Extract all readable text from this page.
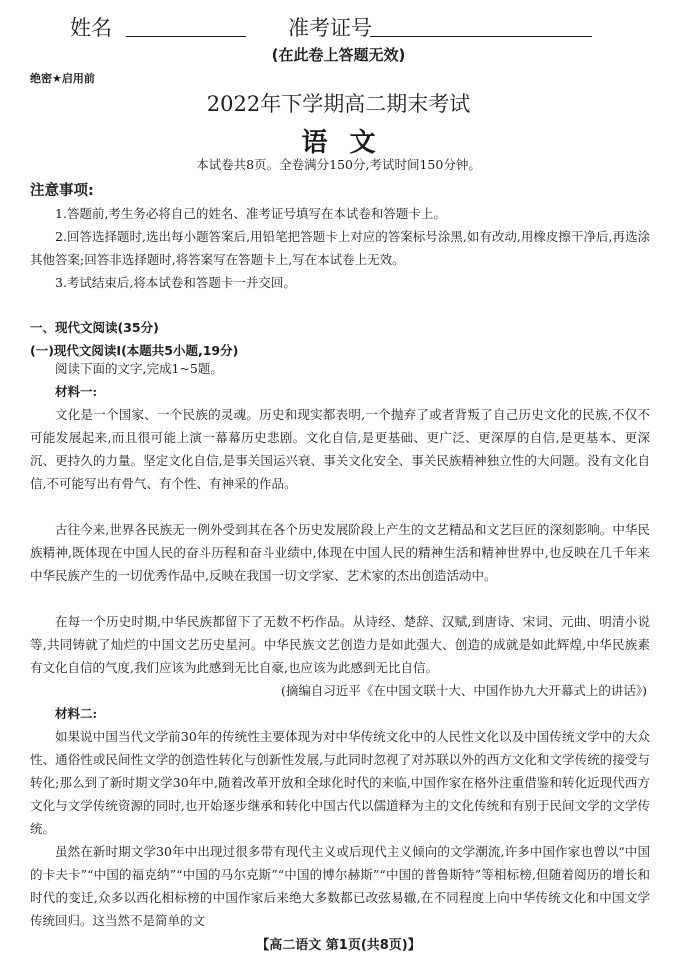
姓名	准考证号
(在此卷上答题无效)
绝密★启用前
2022年下学期高二期末考试
语文
本试卷共8页。全卷满分150分,考试时间150分钟。
注意事项:
1.答题前,考生务必将自己的姓名、准考证号填写在本试卷和答题卡上。
2.回答选择题时,选出每小题答案后,用铅笔把答题卡上对应的答案标号涂黑,如有改动,用橡皮擦干净后,再选涂其他答案;回答非选择题时,将答案写在答题卡上,写在本试卷上无效。
3.考试结束后,将本试卷和答题卡一并交回。
一、现代文阅读(35分)
(一)现代文阅读Ⅰ(本题共5小题,19分)
阅读下面的文字,完成1~5题。
材料一:
文化是一个国家、一个民族的灵魂。历史和现实都表明,一个抛弃了或者背叛了自己历史文化的民族,不仅不可能发展起来,而且很可能上演一幕幕历史悲剧。文化自信,是更基础、更广泛、更深厚的自信,是更基本、更深沉、更持久的力量。坚定文化自信,是事关国运兴衰、事关文化安全、事关民族精神独立性的大问题。没有文化自信,不可能写出有骨气、有个性、有神采的作品。
古往今来,世界各民族无一例外受到其在各个历史发展阶段上产生的文艺精品和文艺巨匠的深刻影响。中华民族精神,既体现在中国人民的奋斗历程和奋斗业绩中,体现在中国人民的精神生活和精神世界中,也反映在几千年来中华民族产生的一切优秀作品中,反映在我国一切文学家、艺术家的杰出创造活动中。
在每一个历史时期,中华民族都留下了无数不朽作品。从诗经、楚辞、汉赋,到唐诗、宋词、元曲、明清小说等,共同铸就了灿烂的中国文艺历史星河。中华民族文艺创造力是如此强大、创造的成就是如此辉煌,中华民族素有文化自信的气度,我们应该为此感到无比自豪,也应该为此感到无比自信。
(摘编自习近平《在中国文联十大、中国作协九大开幕式上的讲话》)
材料二:
如果说中国当代文学前30年的传统性主要体现为对中华传统文化中的人民性文化以及中国传统文学中的大众性、通俗性或民间性文学的创造性转化与创新性发展,与此同时忽视了对苏联以外的西方文化和文学传统的接受与转化;那么到了新时期文学30年中,随着改革开放和全球化时代的来临,中国作家在格外注重借鉴和转化近现代西方文化与文学传统资源的同时,也开始逐步继承和转化中国古代以儒道释为主的文化传统和有别于民间文学的文学传统。
虽然在新时期文学30年中出现过很多带有现代主义或后现代主义倾向的文学潮流,许多中国作家也曾以“中国的卡夫卡”“中国的福克纳”“中国的马尔克斯”“中国的博尔赫斯”“中国的普鲁斯特”等相标榜,但随着阅历的增长和时代的变迁,众多以西化相标榜的中国作家后来绝大多数都已改弦易辙,在不同程度上向中华传统文化和中国文学传统回归。这当然不是简单的文
【高二语文 第1页(共8页)】
